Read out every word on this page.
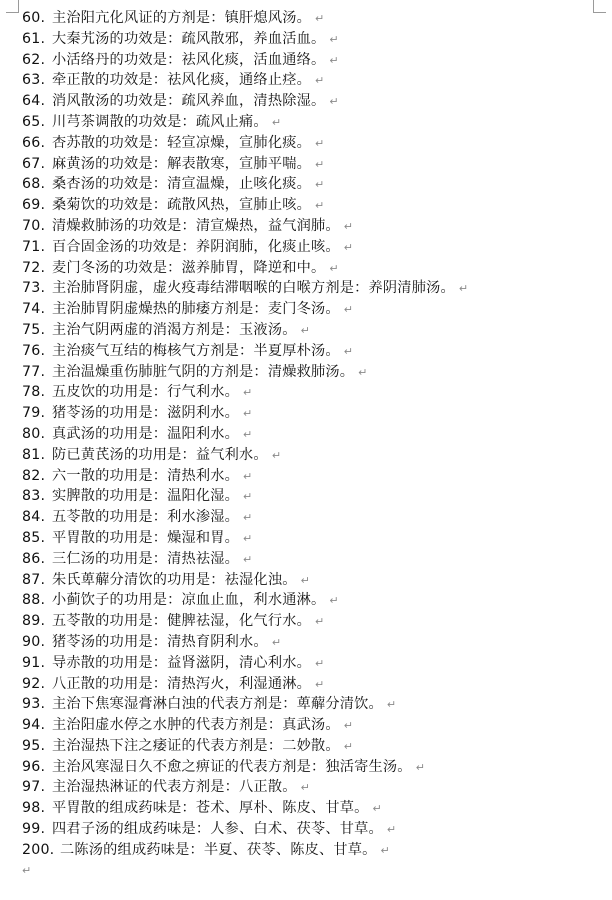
60. 主治阳亢化风证的方剂是：镇肝熄风汤。 ↵
61. 大秦艽汤的功效是：疏风散邪，养血活血。 ↵
62. 小活络丹的功效是：祛风化痰，活血通络。 ↵
63. 牵正散的功效是：祛风化痰，通络止痉。 ↵
64. 消风散汤的功效是：疏风养血，清热除湿。 ↵
65. 川芎茶调散的功效是：疏风止痛。 ↵
66. 杏苏散的功效是：轻宣凉燥，宣肺化痰。 ↵
67. 麻黄汤的功效是：解表散寒，宣肺平喘。 ↵
68. 桑杏汤的功效是：清宣温燥，止咳化痰。 ↵
69. 桑菊饮的功效是：疏散风热，宣肺止咳。 ↵
70. 清燥救肺汤的功效是：清宣燥热，益气润肺。 ↵
71. 百合固金汤的功效是：养阴润肺，化痰止咳。 ↵
72. 麦门冬汤的功效是：滋养肺胃，降逆和中。 ↵
73. 主治肺肾阴虚，虚火疫毒结滞咽喉的白喉方剂是：养阴清肺汤。 ↵
74. 主治肺胃阴虚燥热的肺痿方剂是：麦门冬汤。 ↵
75. 主治气阴两虚的消渴方剂是：玉液汤。 ↵
76. 主治痰气互结的梅核气方剂是：半夏厚朴汤。 ↵
77. 主治温燥重伤肺脏气阴的方剂是：清燥救肺汤。 ↵
78. 五皮饮的功用是：行气利水。 ↵
79. 猪苓汤的功用是：滋阴利水。 ↵
80. 真武汤的功用是：温阳利水。 ↵
81. 防已黄芪汤的功用是：益气利水。 ↵
82. 六一散的功用是：清热利水。 ↵
83. 实脾散的功用是：温阳化湿。 ↵
84. 五苓散的功用是：利水渗湿。 ↵
85. 平胃散的功用是：燥湿和胃。 ↵
86. 三仁汤的功用是：清热祛湿。 ↵
87. 朱氏萆薢分清饮的功用是：祛湿化浊。 ↵
88. 小蓟饮子的功用是：凉血止血，利水通淋。 ↵
89. 五苓散的功用是：健脾祛湿，化气行水。 ↵
90. 猪苓汤的功用是：清热育阴利水。 ↵
91. 导赤散的功用是：益肾滋阴，清心利水。 ↵
92. 八正散的功用是：清热泻火，利湿通淋。 ↵
93. 主治下焦寒湿膏淋白浊的代表方剂是：萆薢分清饮。 ↵
94. 主治阳虚水停之水肿的代表方剂是：真武汤。 ↵
95. 主治湿热下注之痿证的代表方剂是：二妙散。 ↵
96. 主治风寒湿日久不愈之痹证的代表方剂是：独活寄生汤。 ↵
97. 主治湿热淋证的代表方剂是：八正散。 ↵
98. 平胃散的组成药味是：苍术、厚朴、陈皮、甘草。 ↵
99. 四君子汤的组成药味是：人参、白术、茯苓、甘草。 ↵
200. 二陈汤的组成药味是：半夏、茯苓、陈皮、甘草。 ↵
↵
